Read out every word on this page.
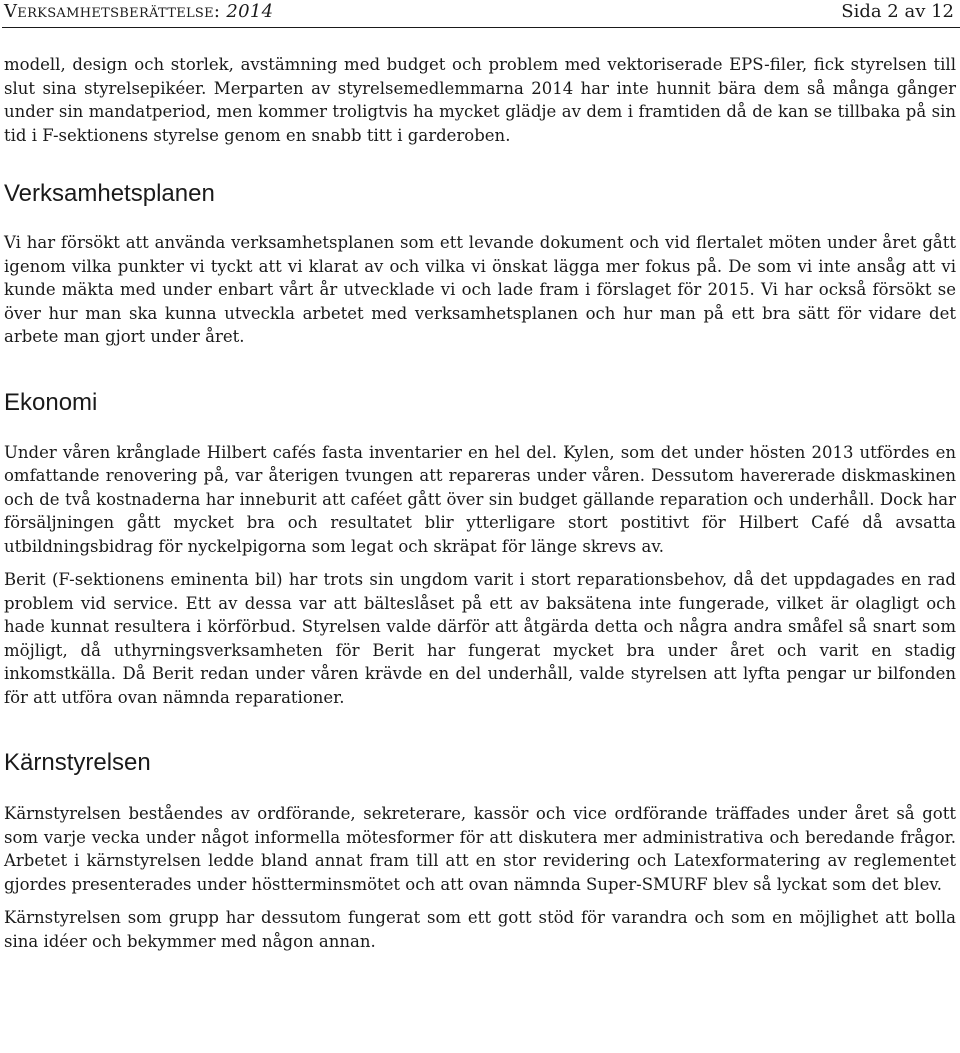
Verksamhetsberättelse: 2014	Sida 2 av 12

modell, design och storlek, avstämning med budget och problem med vektoriserade EPS-filer, fick styrelsen till slut sina styrelsepikéer. Merparten av styrelsemedlemmarna 2014 har inte hunnit bära dem så många gånger under sin mandatperiod, men kommer troligtvis ha mycket glädje av dem i framtiden då de kan se tillbaka på sin tid i F-sektionens styrelse genom en snabb titt i garderoben.

Verksamhetsplanen

Vi har försökt att använda verksamhetsplanen som ett levande dokument och vid flertalet möten under året gått igenom vilka punkter vi tyckt att vi klarat av och vilka vi önskat lägga mer fokus på. De som vi inte ansåg att vi kunde mäkta med under enbart vårt år utvecklade vi och lade fram i förslaget för 2015. Vi har också försökt se över hur man ska kunna utveckla arbetet med verksamhetsplanen och hur man på ett bra sätt för vidare det arbete man gjort under året.

Ekonomi

Under våren krånglade Hilbert cafés fasta inventarier en hel del. Kylen, som det under hösten 2013 utfördes en omfattande renovering på, var återigen tvungen att repareras under våren. Dessutom havererade diskmaskinen och de två kostnaderna har inneburit att caféet gått över sin budget gällande reparation och underhåll. Dock har försäljningen gått mycket bra och resultatet blir ytterligare stort postitivt för Hilbert Café då avsatta utbildningsbidrag för nyckelpigorna som legat och skräpat för länge skrevs av.

Berit (F-sektionens eminenta bil) har trots sin ungdom varit i stort reparationsbehov, då det uppdagades en rad problem vid service. Ett av dessa var att bälteslåset på ett av baksätena inte fungerade, vilket är olagligt och hade kunnat resultera i körförbud. Styrelsen valde därför att åtgärda detta och några andra småfel så snart som möjligt, då uthyrningsverksamheten för Berit har fungerat mycket bra under året och varit en stadig inkomstkälla. Då Berit redan under våren krävde en del underhåll, valde styrelsen att lyfta pengar ur bilfonden för att utföra ovan nämnda reparationer.

Kärnstyrelsen

Kärnstyrelsen beståendes av ordförande, sekreterare, kassör och vice ordförande träffades under året så gott som varje vecka under något informella mötesformer för att diskutera mer administrativa och beredande frågor. Arbetet i kärnstyrelsen ledde bland annat fram till att en stor revidering och Latexformatering av reglementet gjordes presenterades under höstterminsmötet och att ovan nämnda Super-SMURF blev så lyckat som det blev.

Kärnstyrelsen som grupp har dessutom fungerat som ett gott stöd för varandra och som en möjlighet att bolla sina idéer och bekymmer med någon annan.
